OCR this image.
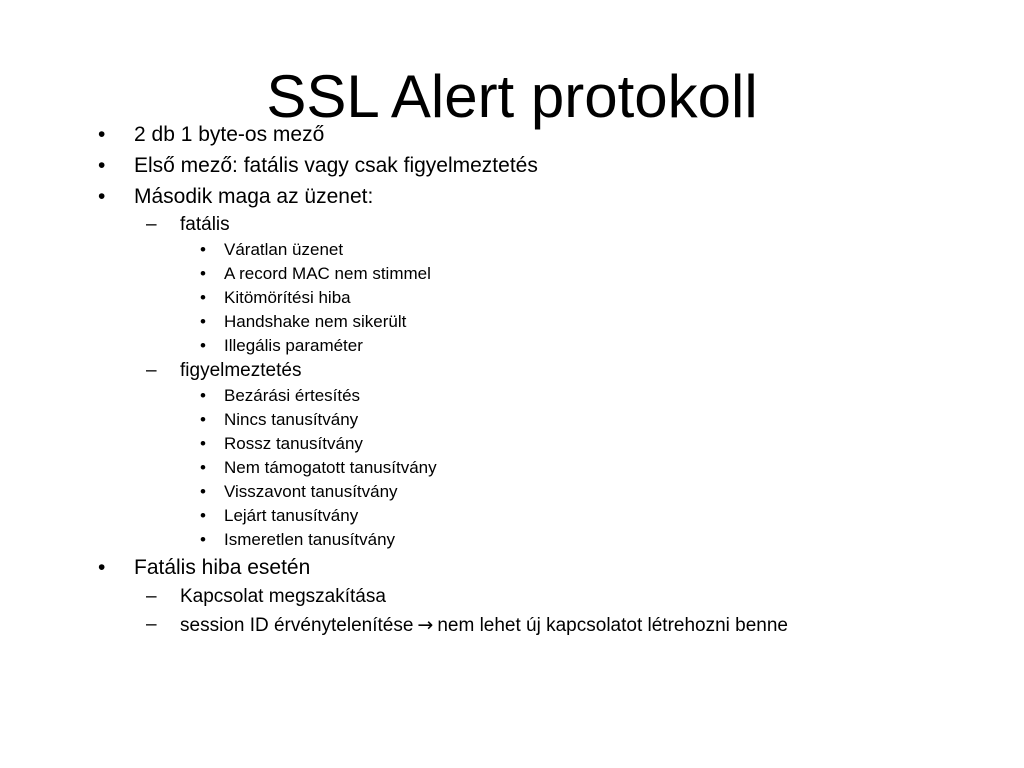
SSL Alert protokoll
• 2 db 1 byte-os mező
• Első mező: fatális vagy csak figyelmeztetés
• Második maga az üzenet:
– fatális
• Váratlan üzenet
• A record MAC nem stimmel
• Kitömörítési hiba
• Handshake nem sikerült
• Illegális paraméter
– figyelmeztetés
• Bezárási értesítés
• Nincs tanusítvány
• Rossz tanusítvány
• Nem támogatott tanusítvány
• Visszavont tanusítvány
• Lejárt tanusítvány
• Ismeretlen tanusítvány
• Fatális hiba esetén
– Kapcsolat megszakítása
– session ID érvénytelenítése → nem lehet új kapcsolatot létrehozni benne
